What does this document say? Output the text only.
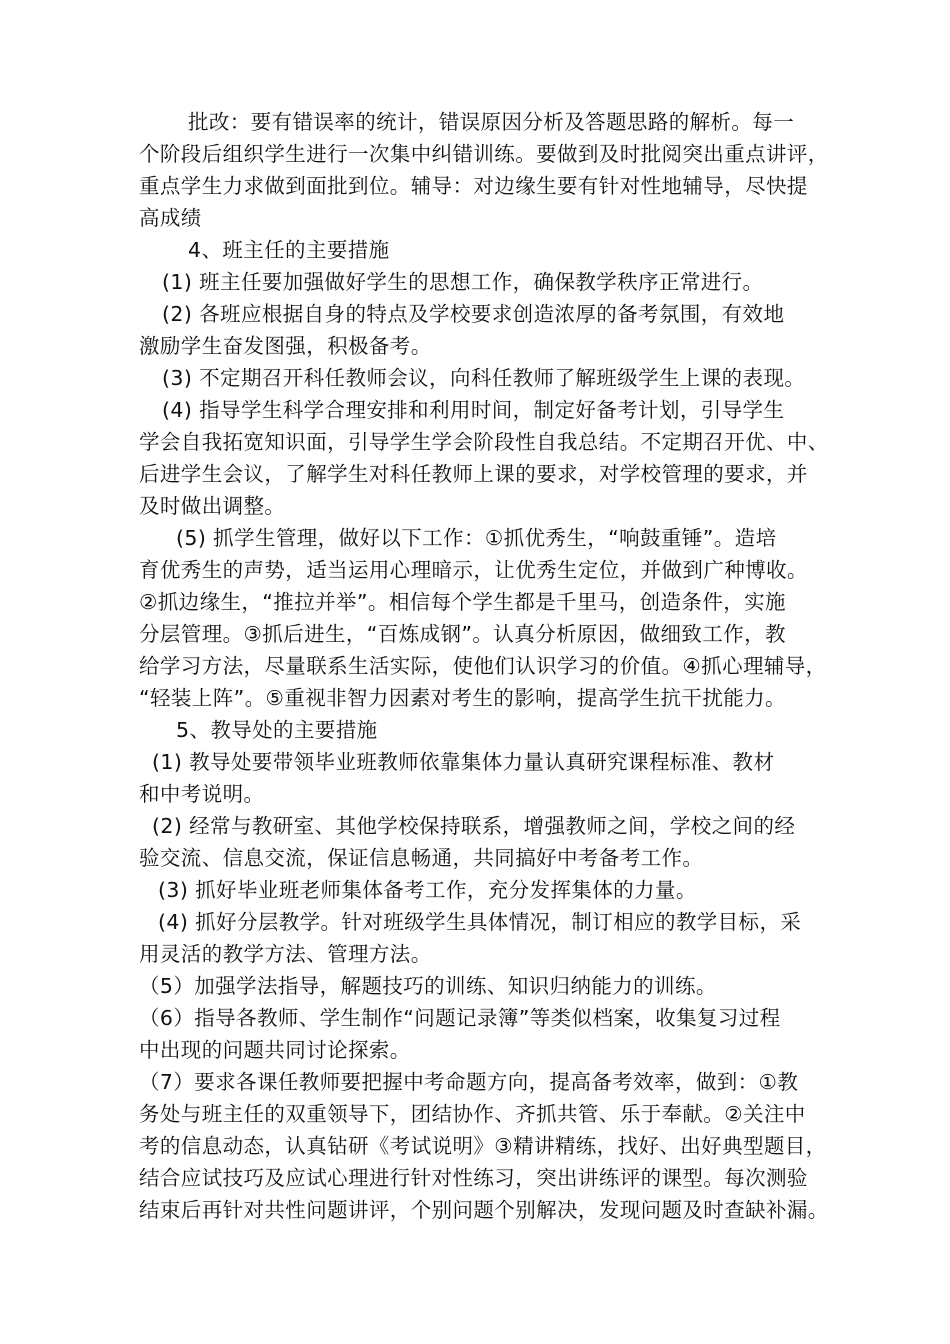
批改：要有错误率的统计，错误原因分析及答题思路的解析。每一
个阶段后组织学生进行一次集中纠错训练。要做到及时批阅突出重点讲评，
重点学生力求做到面批到位。辅导：对边缘生要有针对性地辅导，尽快提
高成绩
4、班主任的主要措施
(1) 班主任要加强做好学生的思想工作，确保教学秩序正常进行。
(2) 各班应根据自身的特点及学校要求创造浓厚的备考氛围，有效地
激励学生奋发图强，积极备考。
(3) 不定期召开科任教师会议，向科任教师了解班级学生上课的表现。
(4) 指导学生科学合理安排和利用时间，制定好备考计划，引导学生
学会自我拓宽知识面，引导学生学会阶段性自我总结。不定期召开优、中、
后进学生会议，了解学生对科任教师上课的要求，对学校管理的要求，并
及时做出调整。
(5) 抓学生管理，做好以下工作：①抓优秀生，“响鼓重锤”。造培
育优秀生的声势，适当运用心理暗示，让优秀生定位，并做到广种博收。
②抓边缘生，“推拉并举”。相信每个学生都是千里马，创造条件，实施
分层管理。③抓后进生，“百炼成钢”。认真分析原因，做细致工作，教
给学习方法，尽量联系生活实际，使他们认识学习的价值。④抓心理辅导，
“轻装上阵”。⑤重视非智力因素对考生的影响，提高学生抗干扰能力。
5、教导处的主要措施
(1) 教导处要带领毕业班教师依靠集体力量认真研究课程标准、教材
和中考说明。
(2) 经常与教研室、其他学校保持联系，增强教师之间，学校之间的经
验交流、信息交流，保证信息畅通，共同搞好中考备考工作。
(3) 抓好毕业班老师集体备考工作，充分发挥集体的力量。
(4) 抓好分层教学。针对班级学生具体情况，制订相应的教学目标，采
用灵活的教学方法、管理方法。
（5）加强学法指导，解题技巧的训练、知识归纳能力的训练。
（6）指导各教师、学生制作“问题记录簿”等类似档案，收集复习过程
中出现的问题共同讨论探索。
（7）要求各课任教师要把握中考命题方向，提高备考效率，做到：①教
务处与班主任的双重领导下，团结协作、齐抓共管、乐于奉献。②关注中
考的信息动态，认真钻研《考试说明》③精讲精练，找好、出好典型题目，
结合应试技巧及应试心理进行针对性练习，突出讲练评的课型。每次测验
结束后再针对共性问题讲评，个别问题个别解决，发现问题及时查缺补漏。
